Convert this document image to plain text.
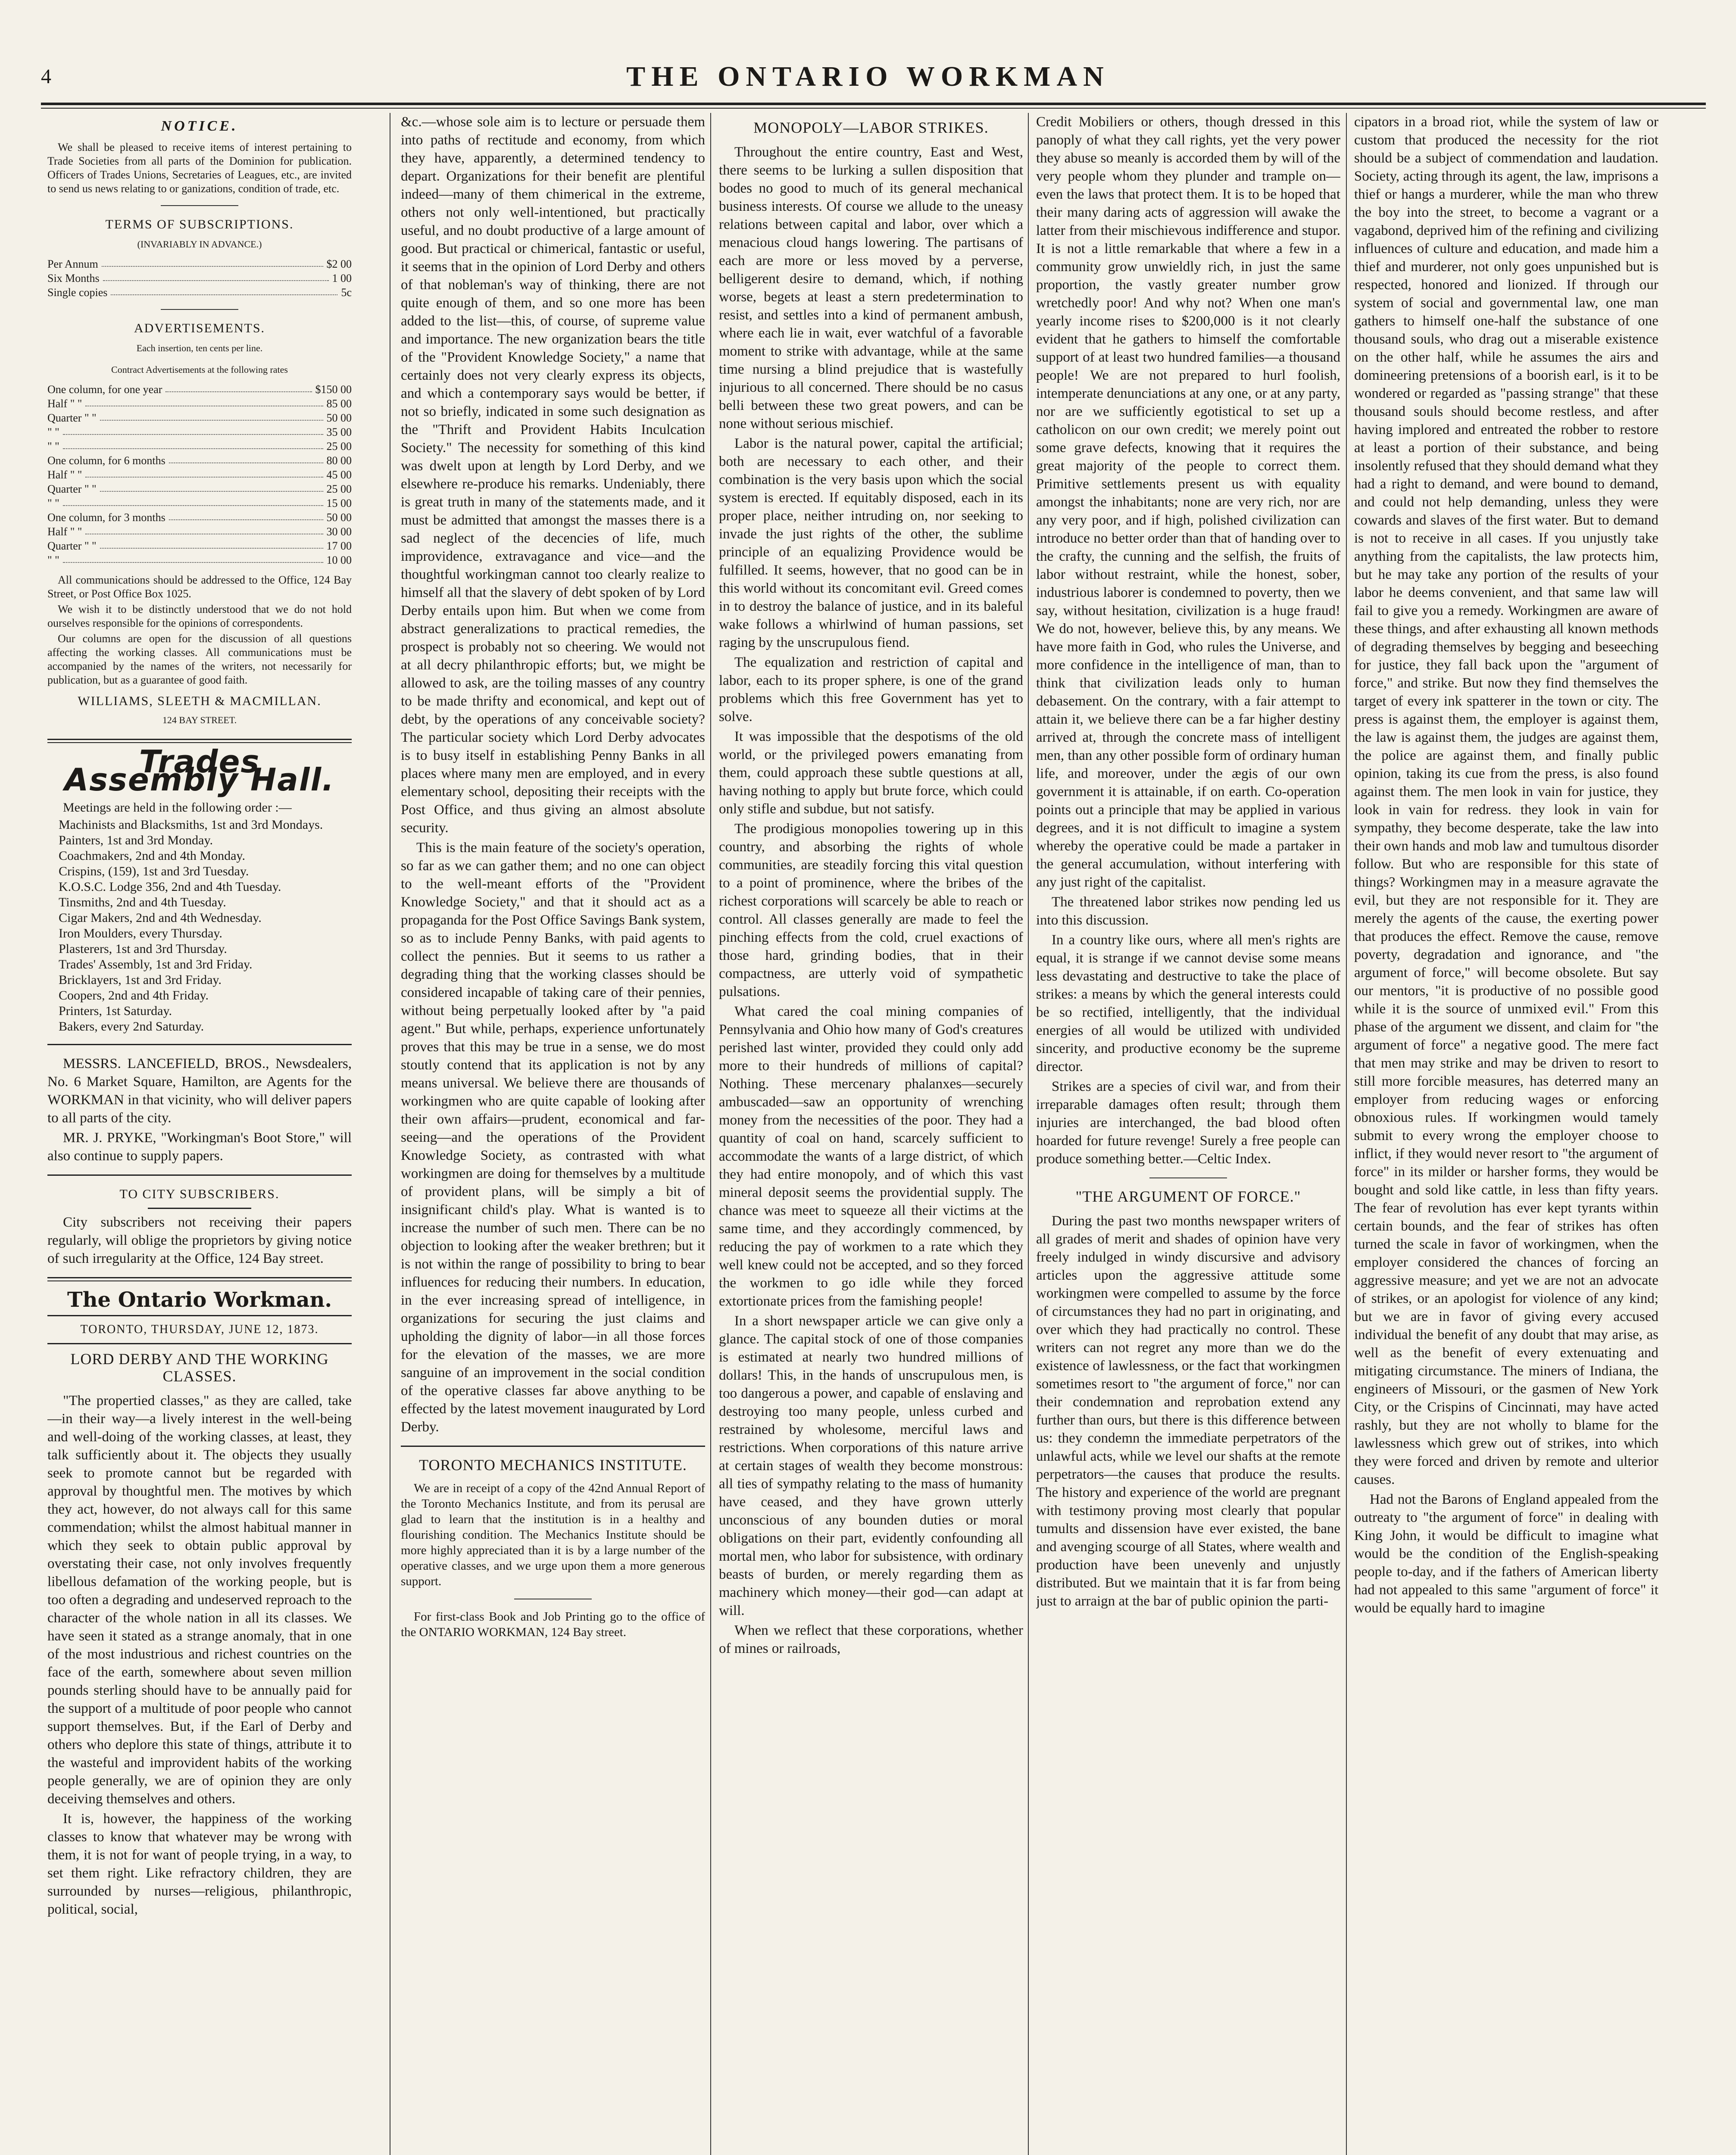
4	THE ONTARIO WORKMAN
NOTICE.

We shall be pleased to receive items of interest pertaining to Trade Societies from all parts of the Dominion for publication. Officers of Trades Unions, Secretaries of Leagues, etc., are invited to send us news relating to or ganizations, condition of trade, etc.

TERMS OF SUBSCRIPTIONS.
(INVARIABLY IN ADVANCE.)
Per Annum	$2 00
Six Months	1 00
Single copies	5c
ADVERTISEMENTS.
Each insertion, ten cents per line.
Contract Advertisements at the following rates
One column, for one year	$150 00
Half " "	85 00
Quarter " "	50 00
" "	35 00
" "	25 00
One column, for 6 months	80 00
Half " "	45 00
Quarter " "	25 00
" "	15 00
One column, for 3 months	50 00
Half " "	30 00
Quarter " "	17 00
" "	10 00

All communications should be addressed to the Office, 124 Bay Street, or Post Office Box 1025.

We wish it to be distinctly understood that we do not hold ourselves responsible for the opinions of correspondents.

Our columns are open for the discussion of all questions affecting the working classes. All communications must be accompanied by the names of the writers, not necessarily for publication, but as a guarantee of good faith.

WILLIAMS, SLEETH & MACMILLAN.
124 BAY STREET.
Trades Assembly Hall.

Meetings are held in the following order :—

Machinists and Blacksmiths, 1st and 3rd Mondays.
Painters, 1st and 3rd Monday.
Coachmakers, 2nd and 4th Monday.
Crispins, (159), 1st and 3rd Tuesday.
K.O.S.C. Lodge 356, 2nd and 4th Tuesday.
Tinsmiths, 2nd and 4th Tuesday.
Cigar Makers, 2nd and 4th Wednesday.
Iron Moulders, every Thursday.
Plasterers, 1st and 3rd Thursday.
Trades' Assembly, 1st and 3rd Friday.
Bricklayers, 1st and 3rd Friday.
Coopers, 2nd and 4th Friday.
Printers, 1st Saturday.
Bakers, every 2nd Saturday.

MESSRS. LANCEFIELD, BROS., Newsdealers, No. 6 Market Square, Hamilton, are Agents for the WORKMAN in that vicinity, who will deliver papers to all parts of the city.

MR. J. PRYKE, "Workingman's Boot Store," will also continue to supply papers.

TO CITY SUBSCRIBERS.

City subscribers not receiving their papers regularly, will oblige the proprietors by giving notice of such irregularity at the Office, 124 Bay street.

The Ontario Workman.
TORONTO, THURSDAY, JUNE 12, 1873.
LORD DERBY AND THE WORKING CLASSES.

"The propertied classes," as they are called, take—in their way—a lively interest in the well-being and well-doing of the working classes, at least, they talk sufficiently about it. The objects they usually seek to promote cannot but be regarded with approval by thoughtful men. The motives by which they act, however, do not always call for this same commendation; whilst the almost habitual manner in which they seek to obtain public approval by overstating their case, not only involves frequently libellous defamation of the working people, but is too often a degrading and undeserved reproach to the character of the whole nation in all its classes. We have seen it stated as a strange anomaly, that in one of the most industrious and richest countries on the face of the earth, somewhere about seven million pounds sterling should have to be annually paid for the support of a multitude of poor people who cannot support themselves. But, if the Earl of Derby and others who deplore this state of things, attribute it to the wasteful and improvident habits of the working people generally, we are of opinion they are only deceiving themselves and others.

It is, however, the happiness of the working classes to know that whatever may be wrong with them, it is not for want of people trying, in a way, to set them right. Like refractory children, they are surrounded by nurses—religious, philanthropic, political, social,

&c.—whose sole aim is to lecture or persuade them into paths of rectitude and economy, from which they have, apparently, a determined tendency to depart. Organizations for their benefit are plentiful indeed—many of them chimerical in the extreme, others not only well-intentioned, but practically useful, and no doubt productive of a large amount of good. But practical or chimerical, fantastic or useful, it seems that in the opinion of Lord Derby and others of that nobleman's way of thinking, there are not quite enough of them, and so one more has been added to the list—this, of course, of supreme value and importance. The new organization bears the title of the "Provident Knowledge Society," a name that certainly does not very clearly express its objects, and which a contemporary says would be better, if not so briefly, indicated in some such designation as the "Thrift and Provident Habits Inculcation Society." The necessity for something of this kind was dwelt upon at length by Lord Derby, and we elsewhere re-produce his remarks. Undeniably, there is great truth in many of the statements made, and it must be admitted that amongst the masses there is a sad neglect of the decencies of life, much improvidence, extravagance and vice—and the thoughtful workingman cannot too clearly realize to himself all that the slavery of debt spoken of by Lord Derby entails upon him. But when we come from abstract generalizations to practical remedies, the prospect is probably not so cheering. We would not at all decry philanthropic efforts; but, we might be allowed to ask, are the toiling masses of any country to be made thrifty and economical, and kept out of debt, by the operations of any conceivable society? The particular society which Lord Derby advocates is to busy itself in establishing Penny Banks in all places where many men are employed, and in every elementary school, depositing their receipts with the Post Office, and thus giving an almost absolute security.

This is the main feature of the society's operation, so far as we can gather them; and no one can object to the well-meant efforts of the "Provident Knowledge Society," and that it should act as a propaganda for the Post Office Savings Bank system, so as to include Penny Banks, with paid agents to collect the pennies. But it seems to us rather a degrading thing that the working classes should be considered incapable of taking care of their pennies, without being perpetually looked after by "a paid agent." But while, perhaps, experience unfortunately proves that this may be true in a sense, we do most stoutly contend that its application is not by any means universal. We believe there are thousands of workingmen who are quite capable of looking after their own affairs—prudent, economical and far-seeing—and the operations of the Provident Knowledge Society, as contrasted with what workingmen are doing for themselves by a multitude of provident plans, will be simply a bit of insignificant child's play. What is wanted is to increase the number of such men. There can be no objection to looking after the weaker brethren; but it is not within the range of possibility to bring to bear influences for reducing their numbers. In education, in the ever increasing spread of intelligence, in organizations for securing the just claims and upholding the dignity of labor—in all those forces for the elevation of the masses, we are more sanguine of an improvement in the social condition of the operative classes far above anything to be effected by the latest movement inaugurated by Lord Derby.

TORONTO MECHANICS INSTITUTE.

We are in receipt of a copy of the 42nd Annual Report of the Toronto Mechanics Institute, and from its perusal are glad to learn that the institution is in a healthy and flourishing condition. The Mechanics Institute should be more highly appreciated than it is by a large number of the operative classes, and we urge upon them a more generous support.

For first-class Book and Job Printing go to the office of the ONTARIO WORKMAN, 124 Bay street.

MONOPOLY—LABOR STRIKES.

Throughout the entire country, East and West, there seems to be lurking a sullen disposition that bodes no good to much of its general mechanical business interests. Of course we allude to the uneasy relations between capital and labor, over which a menacious cloud hangs lowering. The partisans of each are more or less moved by a perverse, belligerent desire to demand, which, if nothing worse, begets at least a stern predetermination to resist, and settles into a kind of permanent ambush, where each lie in wait, ever watchful of a favorable moment to strike with advantage, while at the same time nursing a blind prejudice that is wastefully injurious to all concerned. There should be no casus belli between these two great powers, and can be none without serious mischief.

Labor is the natural power, capital the artificial; both are necessary to each other, and their combination is the very basis upon which the social system is erected. If equitably disposed, each in its proper place, neither intruding on, nor seeking to invade the just rights of the other, the sublime principle of an equalizing Providence would be fulfilled. It seems, however, that no good can be in this world without its concomitant evil. Greed comes in to destroy the balance of justice, and in its baleful wake follows a whirlwind of human passions, set raging by the unscrupulous fiend.

The equalization and restriction of capital and labor, each to its proper sphere, is one of the grand problems which this free Government has yet to solve.

It was impossible that the despotisms of the old world, or the privileged powers emanating from them, could approach these subtle questions at all, having nothing to apply but brute force, which could only stifle and subdue, but not satisfy.

The prodigious monopolies towering up in this country, and absorbing the rights of whole communities, are steadily forcing this vital question to a point of prominence, where the bribes of the richest corporations will scarcely be able to reach or control. All classes generally are made to feel the pinching effects from the cold, cruel exactions of those hard, grinding bodies, that in their compactness, are utterly void of sympathetic pulsations.

What cared the coal mining companies of Pennsylvania and Ohio how many of God's creatures perished last winter, provided they could only add more to their hundreds of millions of capital? Nothing. These mercenary phalanxes—securely ambuscaded—saw an opportunity of wrenching money from the necessities of the poor. They had a quantity of coal on hand, scarcely sufficient to accommodate the wants of a large district, of which they had entire monopoly, and of which this vast mineral deposit seems the providential supply. The chance was meet to squeeze all their victims at the same time, and they accordingly commenced, by reducing the pay of workmen to a rate which they well knew could not be accepted, and so they forced the workmen to go idle while they forced extortionate prices from the famishing people!

In a short newspaper article we can give only a glance. The capital stock of one of those companies is estimated at nearly two hundred millions of dollars! This, in the hands of unscrupulous men, is too dangerous a power, and capable of enslaving and destroying too many people, unless curbed and restrained by wholesome, merciful laws and restrictions. When corporations of this nature arrive at certain stages of wealth they become monstrous: all ties of sympathy relating to the mass of humanity have ceased, and they have grown utterly unconscious of any bounden duties or moral obligations on their part, evidently confounding all mortal men, who labor for subsistence, with ordinary beasts of burden, or merely regarding them as machinery which money—their god—can adapt at will.

When we reflect that these corporations, whether of mines or railroads,

Credit Mobiliers or others, though dressed in this panoply of what they call rights, yet the very power they abuse so meanly is accorded them by will of the very people whom they plunder and trample on—even the laws that protect them. It is to be hoped that their many daring acts of aggression will awake the latter from their mischievous indifference and stupor. It is not a little remarkable that where a few in a community grow unwieldly rich, in just the same proportion, the vastly greater number grow wretchedly poor! And why not? When one man's yearly income rises to $200,000 is it not clearly evident that he gathers to himself the comfortable support of at least two hundred families—a thousand people! We are not prepared to hurl foolish, intemperate denunciations at any one, or at any party, nor are we sufficiently egotistical to set up a catholicon on our own credit; we merely point out some grave defects, knowing that it requires the great majority of the people to correct them. Primitive settlements present us with equality amongst the inhabitants; none are very rich, nor are any very poor, and if high, polished civilization can introduce no better order than that of handing over to the crafty, the cunning and the selfish, the fruits of labor without restraint, while the honest, sober, industrious laborer is condemned to poverty, then we say, without hesitation, civilization is a huge fraud! We do not, however, believe this, by any means. We have more faith in God, who rules the Universe, and more confidence in the intelligence of man, than to think that civilization leads only to human debasement. On the contrary, with a fair attempt to attain it, we believe there can be a far higher destiny arrived at, through the concrete mass of intelligent men, than any other possible form of ordinary human life, and moreover, under the ægis of our own government it is attainable, if on earth. Co-operation points out a principle that may be applied in various degrees, and it is not difficult to imagine a system whereby the operative could be made a partaker in the general accumulation, without interfering with any just right of the capitalist.

The threatened labor strikes now pending led us into this discussion.

In a country like ours, where all men's rights are equal, it is strange if we cannot devise some means less devastating and destructive to take the place of strikes: a means by which the general interests could be so rectified, intelligently, that the individual energies of all would be utilized with undivided sincerity, and productive economy be the supreme director.

Strikes are a species of civil war, and from their irreparable damages often result; through them injuries are interchanged, the bad blood often hoarded for future revenge! Surely a free people can produce something better.—Celtic Index.

"THE ARGUMENT OF FORCE."

During the past two months newspaper writers of all grades of merit and shades of opinion have very freely indulged in windy discursive and advisory articles upon the aggressive attitude some workingmen were compelled to assume by the force of circumstances they had no part in originating, and over which they had practically no control. These writers can not regret any more than we do the existence of lawlessness, or the fact that workingmen sometimes resort to "the argument of force," nor can their condemnation and reprobation extend any further than ours, but there is this difference between us: they condemn the immediate perpetrators of the unlawful acts, while we level our shafts at the remote perpetrators—the causes that produce the results. The history and experience of the world are pregnant with testimony proving most clearly that popular tumults and dissension have ever existed, the bane and avenging scourge of all States, where wealth and production have been unevenly and unjustly distributed. But we maintain that it is far from being just to arraign at the bar of public opinion the parti-

cipators in a broad riot, while the system of law or custom that produced the necessity for the riot should be a subject of commendation and laudation. Society, acting through its agent, the law, imprisons a thief or hangs a murderer, while the man who threw the boy into the street, to become a vagrant or a vagabond, deprived him of the refining and civilizing influences of culture and education, and made him a thief and murderer, not only goes unpunished but is respected, honored and lionized. If through our system of social and governmental law, one man gathers to himself one-half the substance of one thousand souls, who drag out a miserable existence on the other half, while he assumes the airs and domineering pretensions of a boorish earl, is it to be wondered or regarded as "passing strange" that these thousand souls should become restless, and after having implored and entreated the robber to restore at least a portion of their substance, and being insolently refused that they should demand what they had a right to demand, and were bound to demand, and could not help demanding, unless they were cowards and slaves of the first water. But to demand is not to receive in all cases. If you unjustly take anything from the capitalists, the law protects him, but he may take any portion of the results of your labor he deems convenient, and that same law will fail to give you a remedy. Workingmen are aware of these things, and after exhausting all known methods of degrading themselves by begging and beseeching for justice, they fall back upon the "argument of force," and strike. But now they find themselves the target of every ink spatterer in the town or city. The press is against them, the employer is against them, the law is against them, the judges are against them, the police are against them, and finally public opinion, taking its cue from the press, is also found against them. The men look in vain for justice, they look in vain for redress. they look in vain for sympathy, they become desperate, take the law into their own hands and mob law and tumultous disorder follow. But who are responsible for this state of things? Workingmen may in a measure agravate the evil, but they are not responsible for it. They are merely the agents of the cause, the exerting power that produces the effect. Remove the cause, remove poverty, degradation and ignorance, and "the argument of force," will become obsolete. But say our mentors, "it is productive of no possible good while it is the source of unmixed evil." From this phase of the argument we dissent, and claim for "the argument of force" a negative good. The mere fact that men may strike and may be driven to resort to still more forcible measures, has deterred many an employer from reducing wages or enforcing obnoxious rules. If workingmen would tamely submit to every wrong the employer choose to inflict, if they would never resort to "the argument of force" in its milder or harsher forms, they would be bought and sold like cattle, in less than fifty years. The fear of revolution has ever kept tyrants within certain bounds, and the fear of strikes has often turned the scale in favor of workingmen, when the employer considered the chances of forcing an aggressive measure; and yet we are not an advocate of strikes, or an apologist for violence of any kind; but we are in favor of giving every accused individual the benefit of any doubt that may arise, as well as the benefit of every extenuating and mitigating circumstance. The miners of Indiana, the engineers of Missouri, or the gasmen of New York City, or the Crispins of Cincinnati, may have acted rashly, but they are not wholly to blame for the lawlessness which grew out of strikes, into which they were forced and driven by remote and ulterior causes.

Had not the Barons of England appealed from the outreaty to "the argument of force" in dealing with King John, it would be difficult to imagine what would be the condition of the English-speaking people to-day, and if the fathers of American liberty had not appealed to this same "argument of force" it would be equally hard to imagine
